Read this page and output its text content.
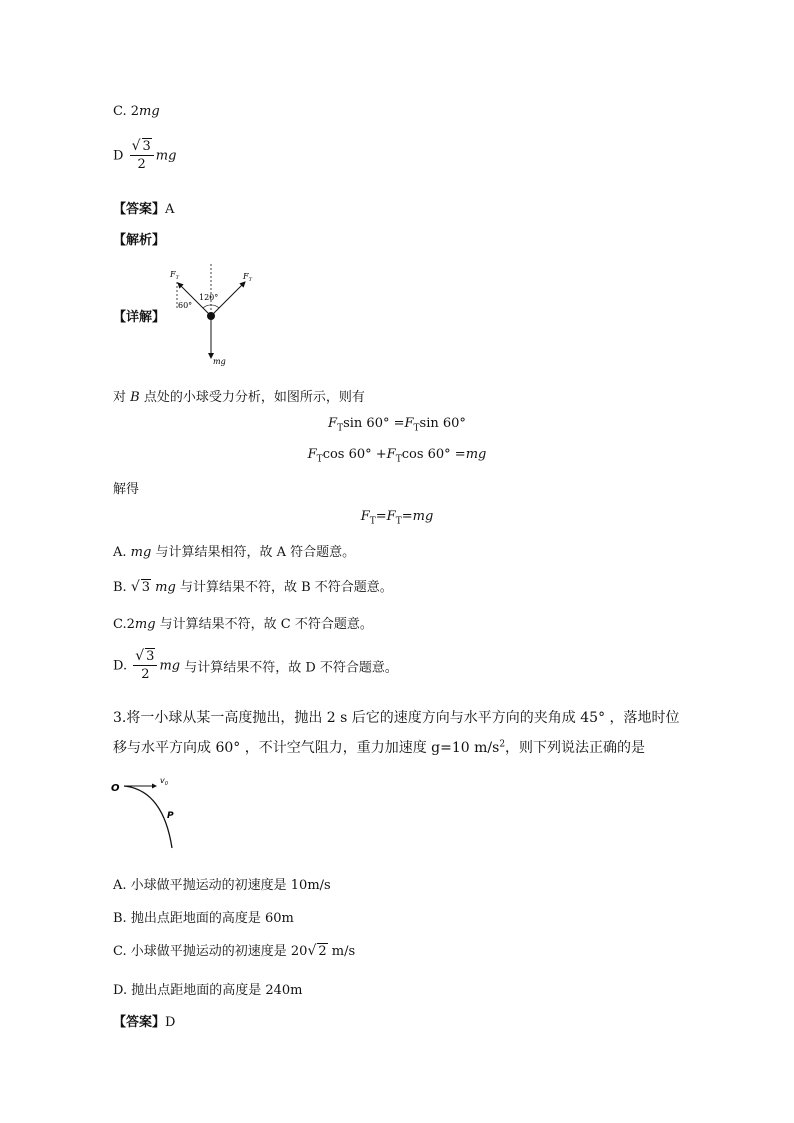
C. 2mg
D $\frac{√ 3}{2}$ mg
【答案】A
【解析】
【详解】
$F_T$	$F_T$
120°
60°
mg
对 B 点处的小球受力分析，如图所示，则有
$F_T\sin$ $60^\circ =F_T\sin$ 60°
$F_T\cos$ $60^\circ +F_T\cos$ 60° =mg
解得
$F_T=F_T=mg$
A. mg 与计算结果相符，故 A 符合题意。
B. √ 3 mg 与计算结果不符，故 B 不符合题意。
C.2mg 与计算结果不符，故 C 不符合题意。
D. $\frac{√ 3}{2}$ mg 与计算结果不符，故 D 不符合题意。
3.将一小球从某一高度抛出，抛出 2 s 后它的速度方向与水平方向的夹角成 45° ，落地时位
移与水平方向成 60° ，不计空气阻力，重力加速度 g=10 $m/s^2$，则下列说法正确的是
O
$v_0$
P
A. 小球做平抛运动的初速度是 10m/s
B. 抛出点距地面的高度是 60m
C. 小球做平抛运动的初速度是 20√ 2 m/s
D. 抛出点距地面的高度是 240m
【答案】D
